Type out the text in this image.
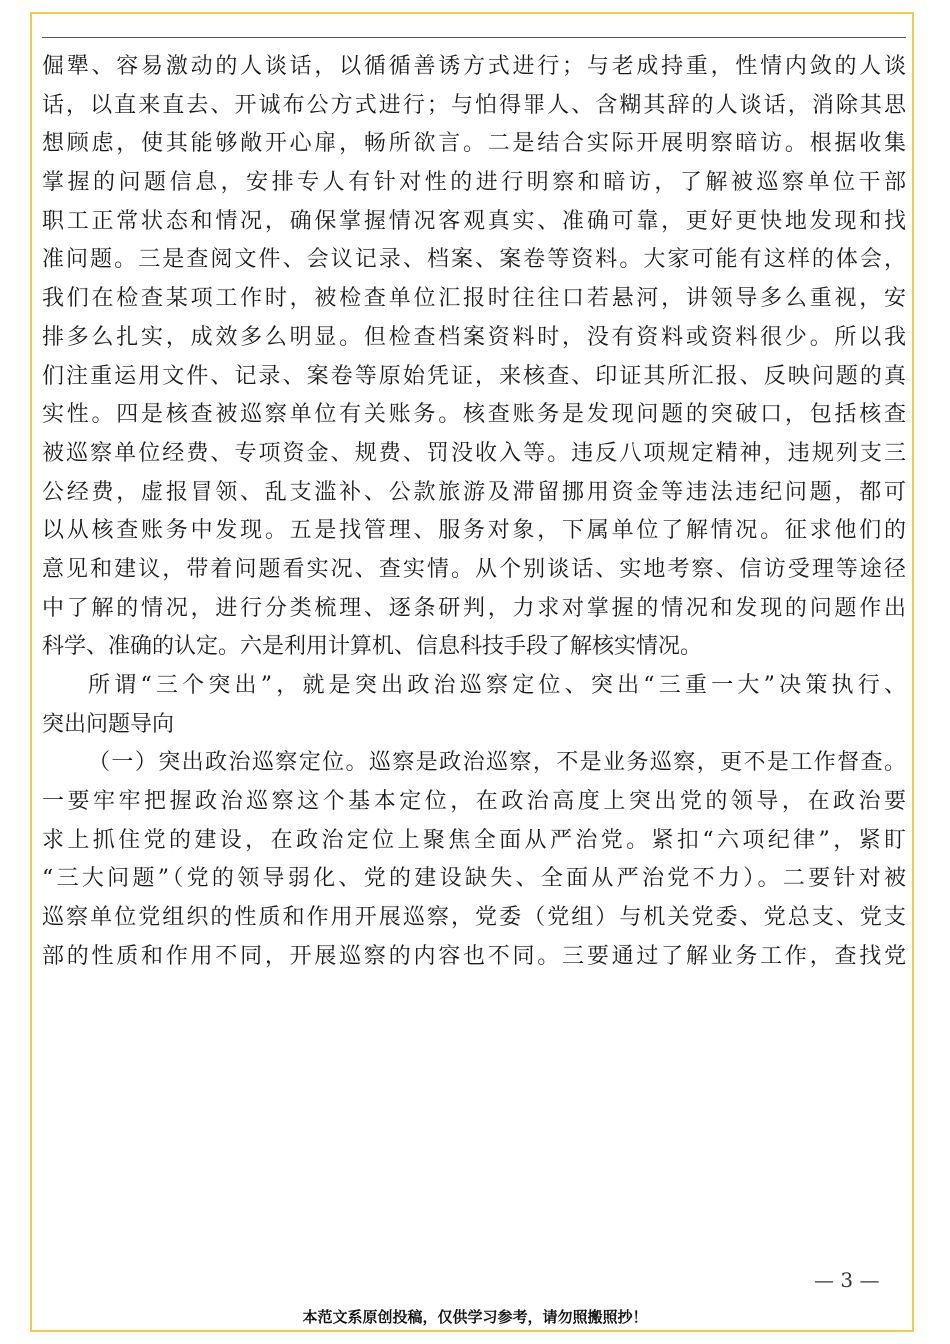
倔犟、容易激动的人谈话，以循循善诱方式进行；与老成持重，性情内敛的人谈
话，以直来直去、开诚布公方式进行；与怕得罪人、含糊其辞的人谈话，消除其思
想顾虑，使其能够敞开心扉，畅所欲言。二是结合实际开展明察暗访。根据收集
掌握的问题信息，安排专人有针对性的进行明察和暗访，了解被巡察单位干部
职工正常状态和情况，确保掌握情况客观真实、准确可靠，更好更快地发现和找
准问题。三是查阅文件、会议记录、档案、案卷等资料。大家可能有这样的体会，
我们在检查某项工作时，被检查单位汇报时往往口若悬河，讲领导多么重视，安
排多么扎实，成效多么明显。但检查档案资料时，没有资料或资料很少。所以我
们注重运用文件、记录、案卷等原始凭证，来核查、印证其所汇报、反映问题的真
实性。四是核查被巡察单位有关账务。核查账务是发现问题的突破口，包括核查
被巡察单位经费、专项资金、规费、罚没收入等。违反八项规定精神，违规列支三
公经费，虚报冒领、乱支滥补、公款旅游及滞留挪用资金等违法违纪问题，都可
以从核查账务中发现。五是找管理、服务对象，下属单位了解情况。征求他们的
意见和建议，带着问题看实况、查实情。从个别谈话、实地考察、信访受理等途径
中了解的情况，进行分类梳理、逐条研判，力求对掌握的情况和发现的问题作出
科学、准确的认定。六是利用计算机、信息科技手段了解核实情况。
所谓“三个突出”，就是突出政治巡察定位、突出“三重一大”决策执行、
突出问题导向
（一）突出政治巡察定位。巡察是政治巡察，不是业务巡察，更不是工作督查。
一要牢牢把握政治巡察这个基本定位，在政治高度上突出党的领导，在政治要
求上抓住党的建设，在政治定位上聚焦全面从严治党。紧扣“六项纪律”，紧盯
“三大问题”（党的领导弱化、党的建设缺失、全面从严治党不力）。二要针对被
巡察单位党组织的性质和作用开展巡察，党委（党组）与机关党委、党总支、党支
部的性质和作用不同，开展巡察的内容也不同。三要通过了解业务工作，查找党
— 3 —
本范文系原创投稿，仅供学习参考，请勿照搬照抄！
